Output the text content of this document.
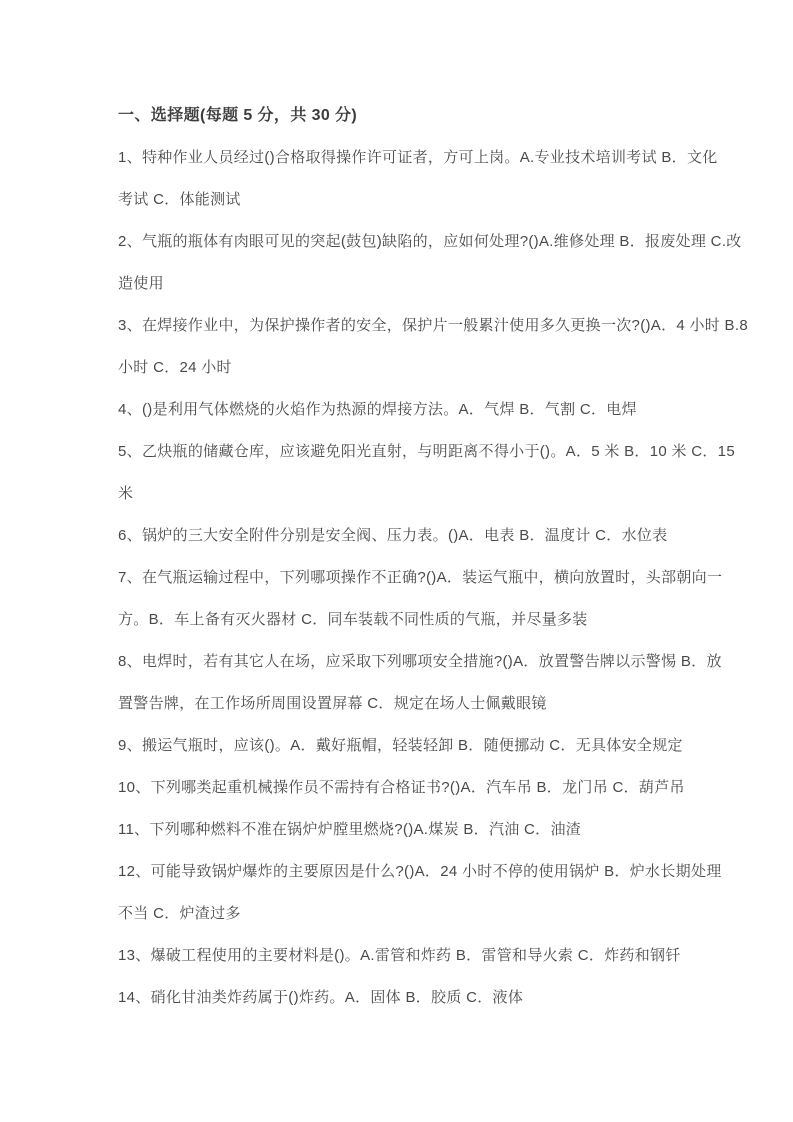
一、选择题(每题 5 分，共 30 分)
1、特种作业人员经过()合格取得操作许可证者，方可上岗。A.专业技术培训考试 B．文化
考试 C．体能测试
2、气瓶的瓶体有肉眼可见的突起(鼓包)缺陷的，应如何处理?()A.维修处理 B．报废处理 C.改
造使用
3、在焊接作业中，为保护操作者的安全，保护片一般累汁使用多久更换一次?()A．4 小时 B.8
小时 C．24 小时
4、()是利用气体燃烧的火焰作为热源的焊接方法。A．气焊 B．气割 C．电焊
5、乙炔瓶的储藏仓库，应该避免阳光直射，与明距离不得小于()。A．5 米 B．10 米 C．15
米
6、锅炉的三大安全附件分别是安全阀、压力表。()A．电表 B．温度计 C．水位表
7、在气瓶运输过程中，下列哪项操作不正确?()A．装运气瓶中，横向放置时，头部朝向一
方。B．车上备有灭火器材 C．同车装载不同性质的气瓶，并尽量多装
8、电焊时，若有其它人在场，应采取下列哪项安全措施?()A．放置警告牌以示警惕 B．放
置警告牌，在工作场所周围设置屏幕 C．规定在场人士佩戴眼镜
9、搬运气瓶时，应该()。A．戴好瓶帽，轻装轻卸 B．随便挪动 C．无具体安全规定
10、下列哪类起重机械操作员不需持有合格证书?()A．汽车吊 B．龙门吊 C．葫芦吊
11、下列哪种燃料不准在锅炉炉膛里燃烧?()A.煤炭 B．汽油 C．油渣
12、可能导致锅炉爆炸的主要原因是什么?()A．24 小时不停的使用锅炉 B．炉水长期处理
不当 C．炉渣过多
13、爆破工程使用的主要材料是()。A.雷管和炸药 B．雷管和导火索 C．炸药和钢钎
14、硝化甘油类炸药属于()炸药。A．固体 B．胶质 C．液体
